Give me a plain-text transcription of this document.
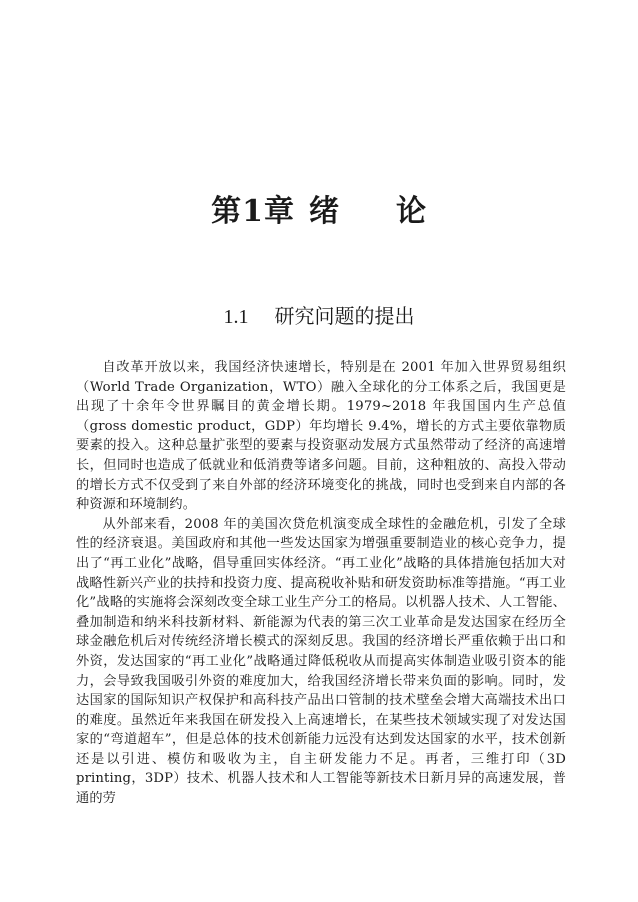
第1章 绪 论
1.1 研究问题的提出

自改革开放以来，我国经济快速增长，特别是在 2001 年加入世界贸易组织（World Trade Organization，WTO）融入全球化的分工体系之后，我国更是出现了十余年令世界瞩目的黄金增长期。1979~2018 年我国国内生产总值（gross domestic product，GDP）年均增长 9.4%，增长的方式主要依靠物质要素的投入。这种总量扩张型的要素与投资驱动发展方式虽然带动了经济的高速增长，但同时也造成了低就业和低消费等诸多问题。目前，这种粗放的、高投入带动的增长方式不仅受到了来自外部的经济环境变化的挑战，同时也受到来自内部的各种资源和环境制约。

从外部来看，2008 年的美国次贷危机演变成全球性的金融危机，引发了全球性的经济衰退。美国政府和其他一些发达国家为增强重要制造业的核心竞争力，提出了“再工业化”战略，倡导重回实体经济。“再工业化”战略的具体措施包括加大对战略性新兴产业的扶持和投资力度、提高税收补贴和研发资助标准等措施。“再工业化”战略的实施将会深刻改变全球工业生产分工的格局。以机器人技术、人工智能、叠加制造和纳米科技新材料、新能源为代表的第三次工业革命是发达国家在经历全球金融危机后对传统经济增长模式的深刻反思。我国的经济增长严重依赖于出口和外资，发达国家的“再工业化”战略通过降低税收从而提高实体制造业吸引资本的能力，会导致我国吸引外资的难度加大，给我国经济增长带来负面的影响。同时，发达国家的国际知识产权保护和高科技产品出口管制的技术壁垒会增大高端技术出口的难度。虽然近年来我国在研发投入上高速增长，在某些技术领域实现了对发达国家的“弯道超车”，但是总体的技术创新能力远没有达到发达国家的水平，技术创新还是以引进、模仿和吸收为主，自主研发能力不足。再者，三维打印（3D printing，3DP）技术、机器人技术和人工智能等新技术日新月异的高速发展，普通的劳
